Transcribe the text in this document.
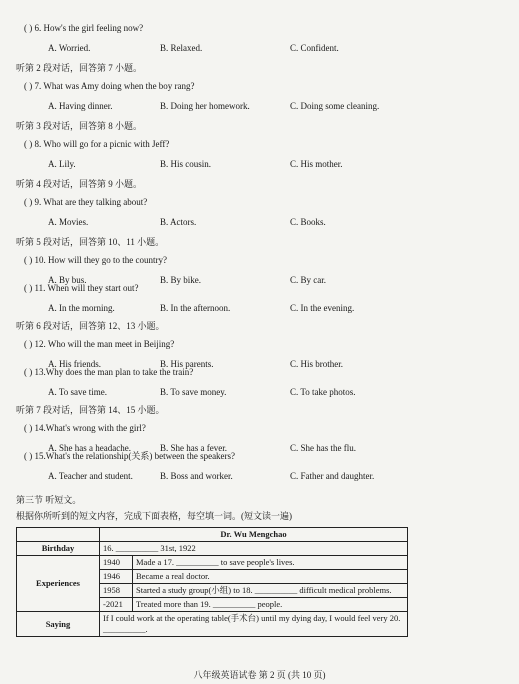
( ) 6. How's the girl feeling now?
A. Worried.	B. Relaxed.	C. Confident.
听第 2 段对话，回答第 7 小题。
( ) 7. What was Amy doing when the boy rang?
A. Having dinner.	B. Doing her homework.	C. Doing some cleaning.
听第 3 段对话，回答第 8 小题。
( ) 8. Who will go for a picnic with Jeff?
A. Lily.	B. His cousin.	C. His mother.
听第 4 段对话，回答第 9 小题。
( ) 9. What are they talking about?
A. Movies.	B. Actors.	C. Books.
听第 5 段对话，回答第 10、11 小题。
( ) 10. How will they go to the country?
A. By bus.	B. By bike.	C. By car.
( ) 11. When will they start out?
A. In the morning.	B. In the afternoon.	C. In the evening.
听第 6 段对话，回答第 12、13 小题。
( ) 12. Who will the man meet in Beijing?
A. His friends.	B. His parents.	C. His brother.
( ) 13.Why does the man plan to take the train?
A. To save time.	B. To save money.	C. To take photos.
听第 7 段对话，回答第 14、15 小题。
( ) 14.What's wrong with the girl?
A. She has a headache.	B. She has a fever.	C. She has the flu.
( ) 15.What's the relationship(关系) between the speakers?
A. Teacher and student.	B. Boss and worker.	C. Father and daughter.
第三节 听短文。
根据你所听到的短文内容，完成下面表格，每空填一词。(短文读一遍)
	Dr. Wu Mengchao	
Birthday	16. __________ 31st, 1922	
Experiences	1940	Made a 17. __________ to save people's lives.
	1946	Became a real doctor.
	1958	Started a study group(小组) to 18. __________ difficult medical problems.
	-2021	Treated more than 19. __________ people.
Saying	If I could work at the operating table(手术台) until my dying day, I would feel very 20. __________.	
八年级英语试卷 第 2 页 (共 10 页)
